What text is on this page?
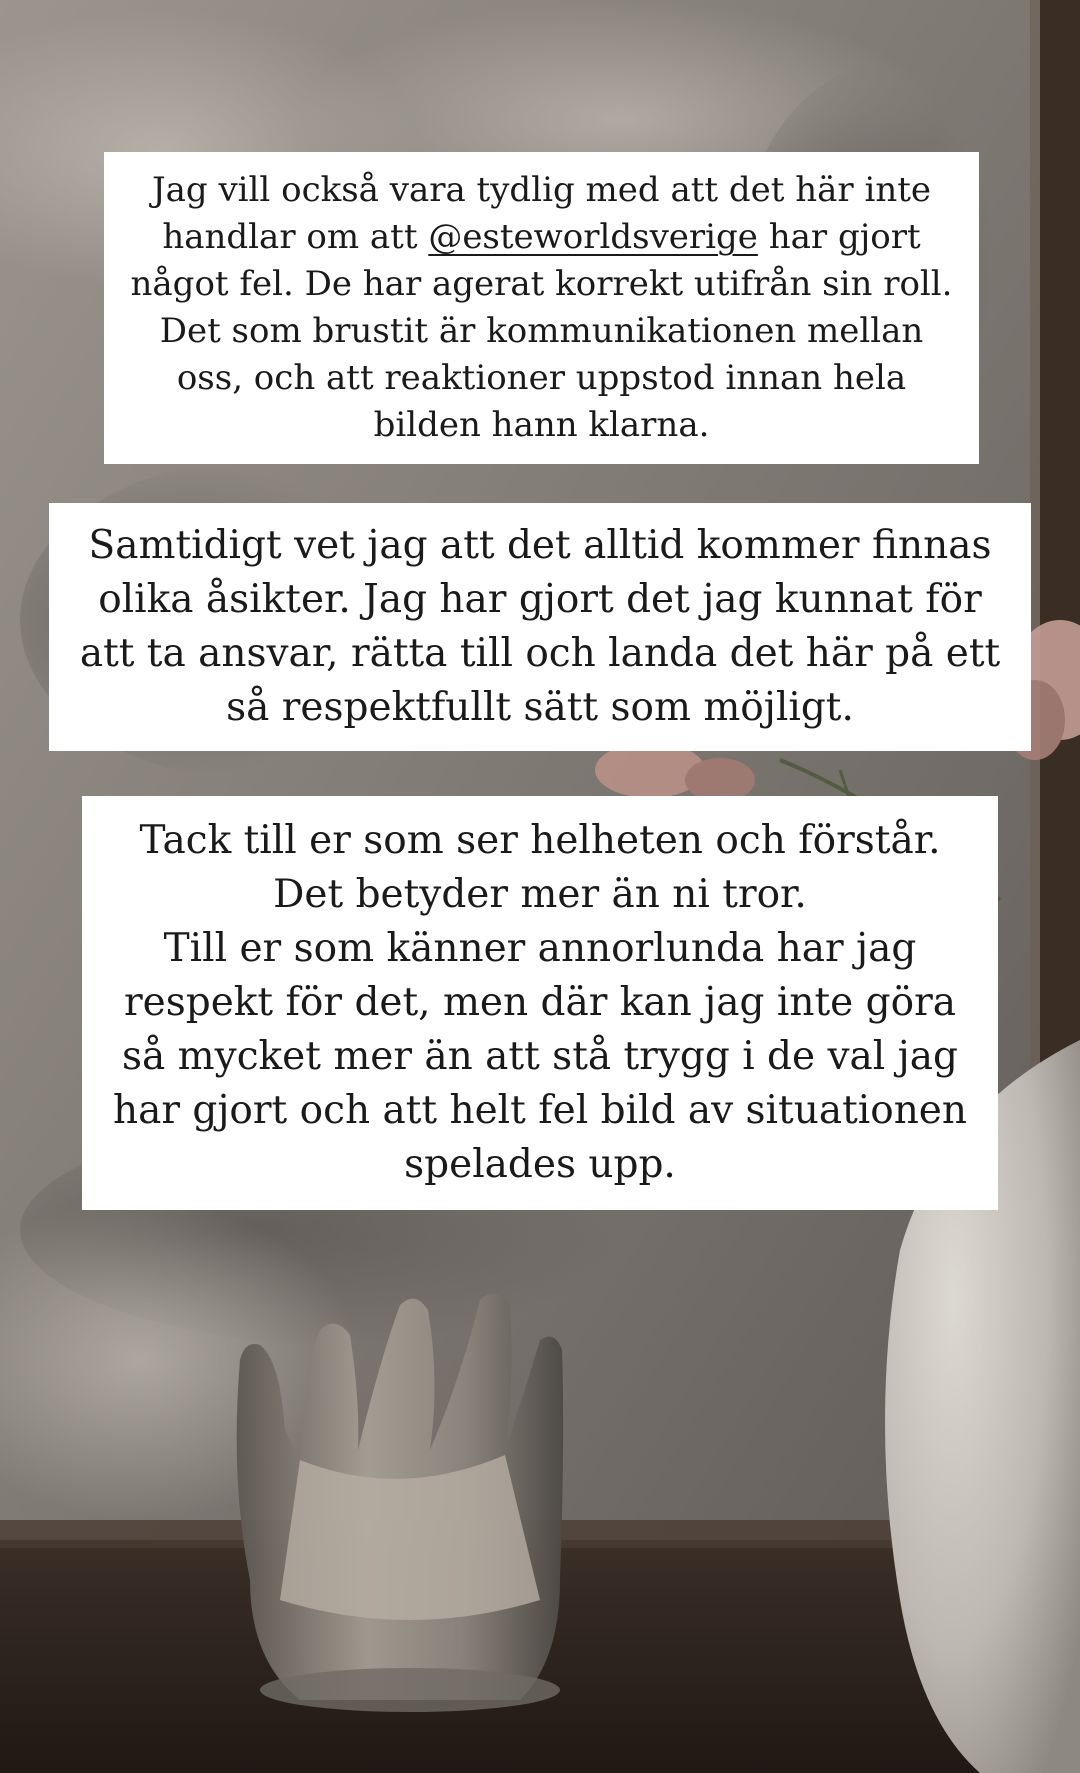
Jag vill också vara tydlig med att det här inte
handlar om att @esteworldsverige har gjort
något fel. De har agerat korrekt utifrån sin roll.
Det som brustit är kommunikationen mellan
oss, och att reaktioner uppstod innan hela
bilden hann klarna.

Samtidigt vet jag att det alltid kommer finnas
olika åsikter. Jag har gjort det jag kunnat för
att ta ansvar, rätta till och landa det här på ett
så respektfullt sätt som möjligt.

Tack till er som ser helheten och förstår.
Det betyder mer än ni tror.
Till er som känner annorlunda har jag
respekt för det, men där kan jag inte göra
så mycket mer än att stå trygg i de val jag
har gjort och att helt fel bild av situationen
spelades upp.
